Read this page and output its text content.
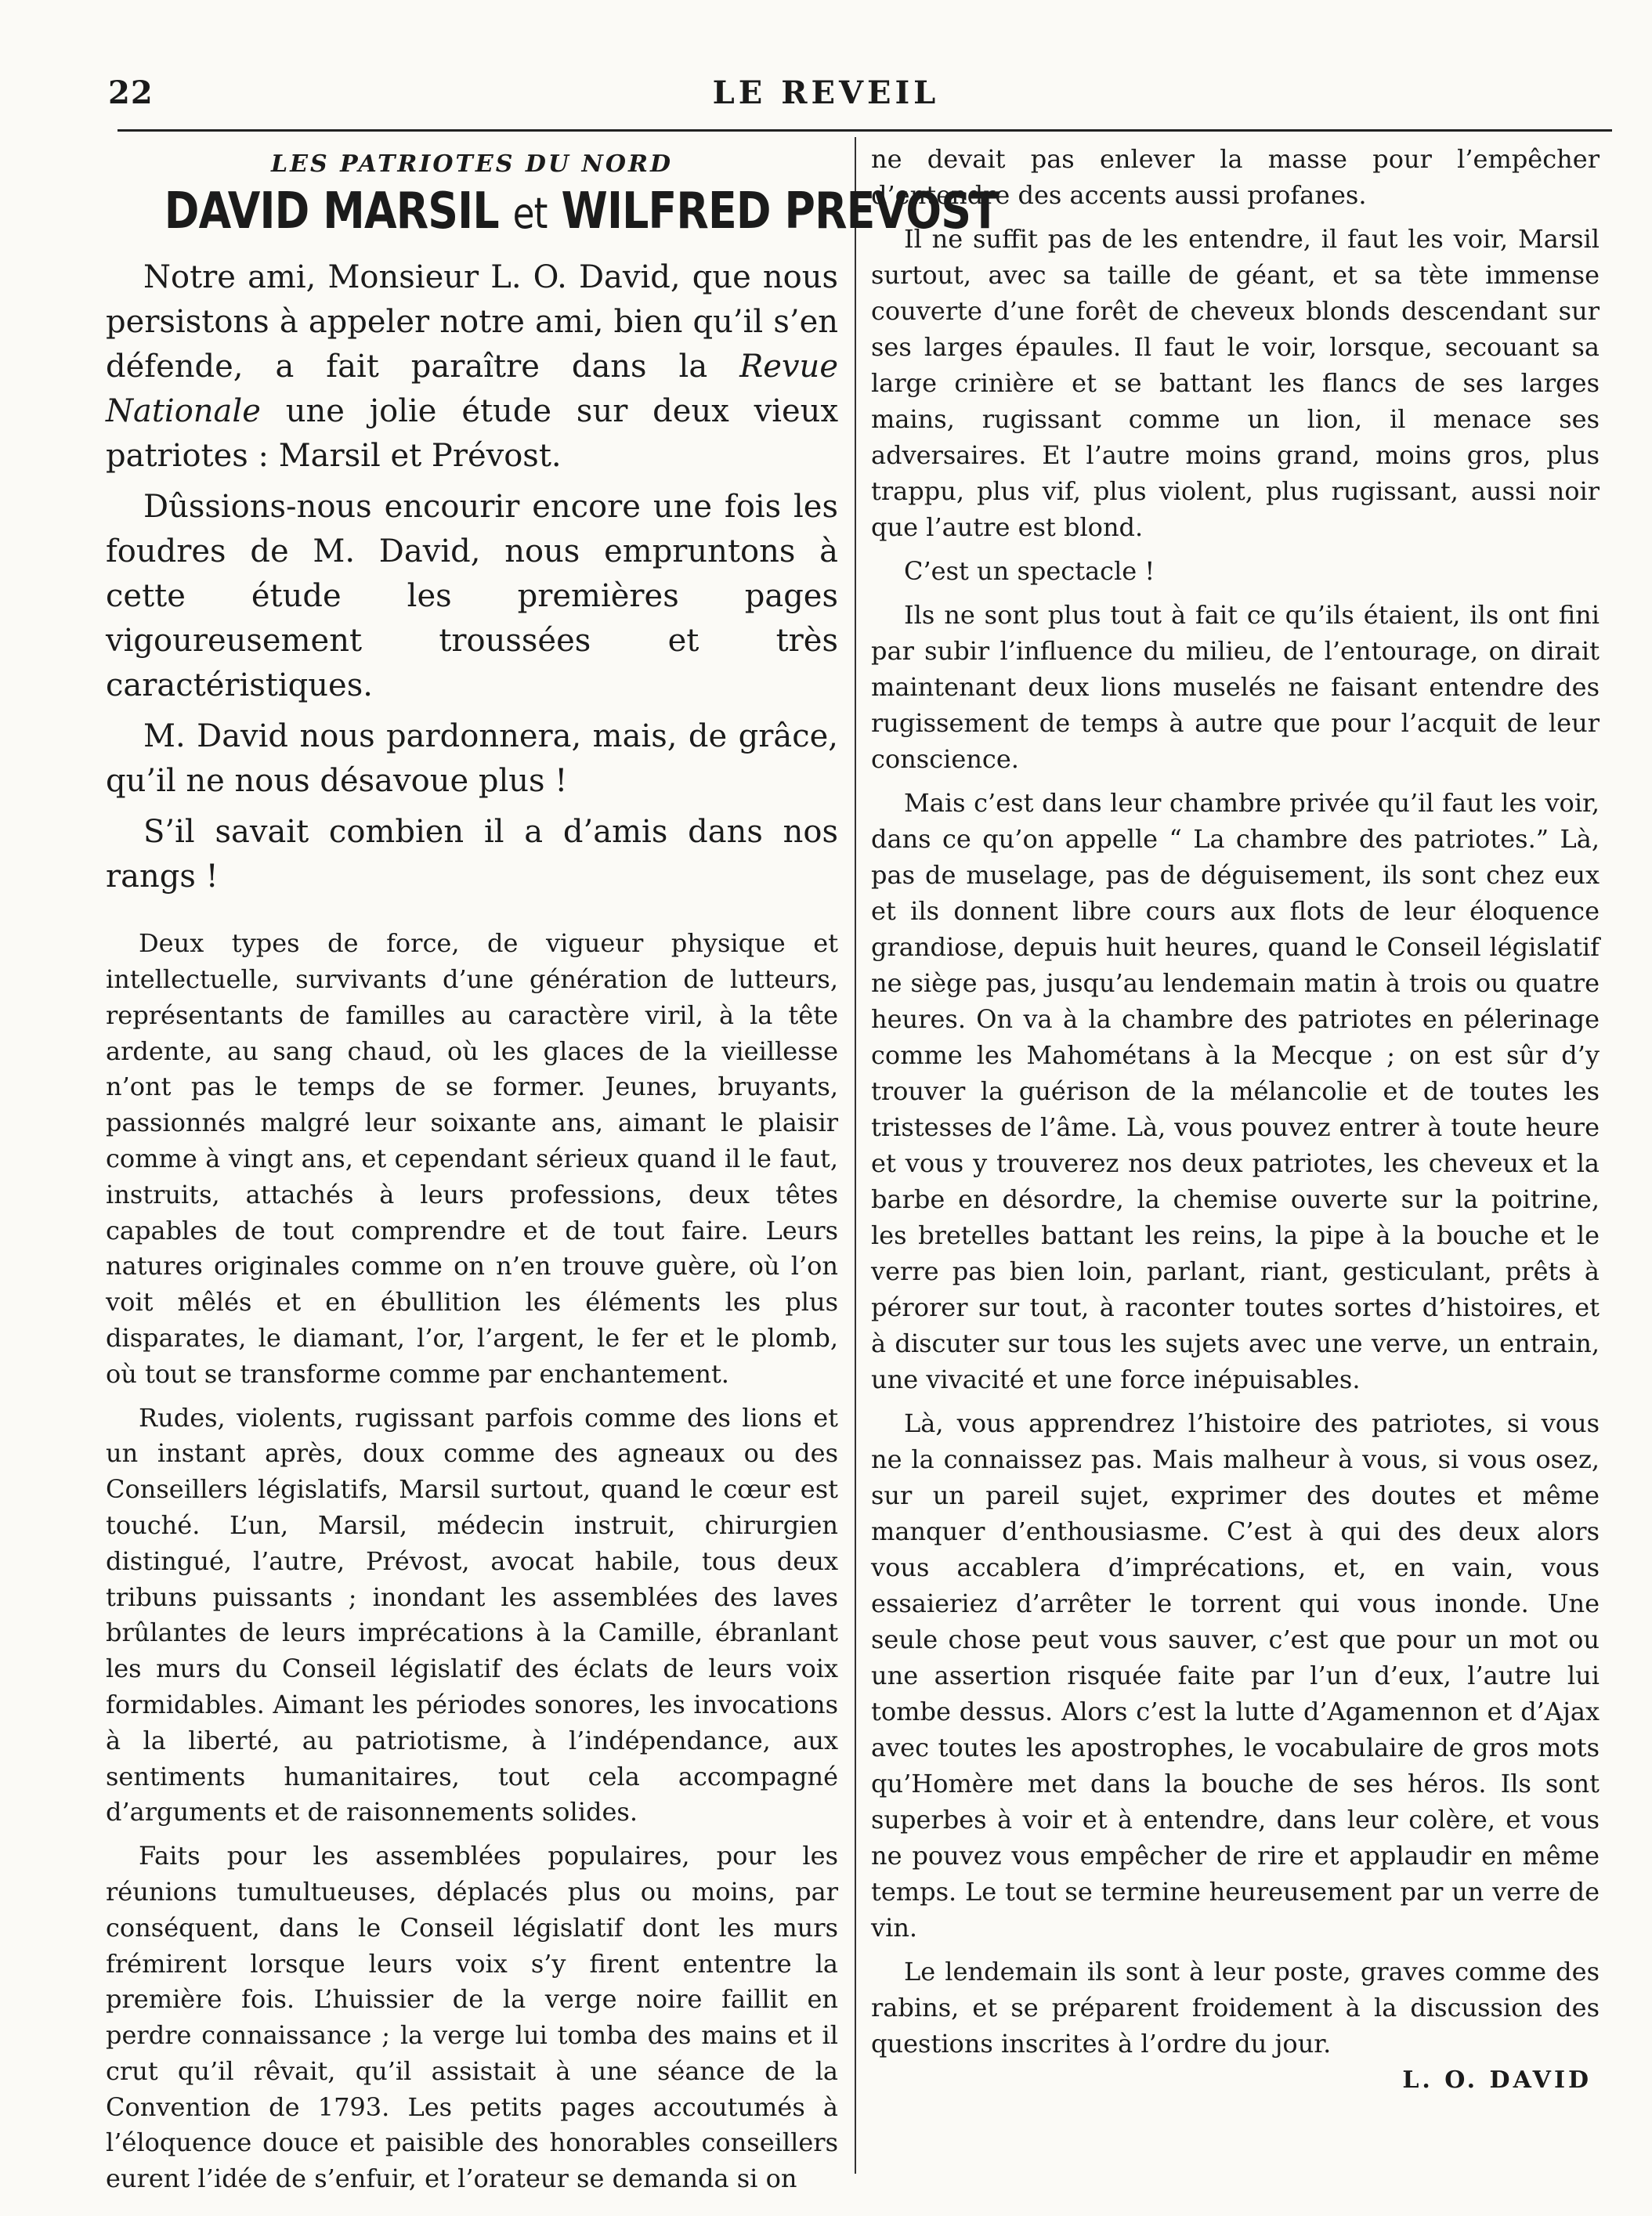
22	LE REVEIL
LES PATRIOTES DU NORD
DAVID MARSIL et WILFRED PREVOST

Notre ami, Monsieur L. O. David, que nous persistons à appeler notre ami, bien qu’il s’en défende, a fait paraître dans la Revue Nationale une jolie étude sur deux vieux patriotes : Marsil et Prévost.

Dûssions-nous encourir encore une fois les foudres de M. David, nous empruntons à cette étude les premières pages vigoureusement troussées et très caractéristiques.

M. David nous pardonnera, mais, de grâce, qu’il ne nous désavoue plus !

S’il savait combien il a d’amis dans nos rangs !

Deux types de force, de vigueur physique et intellectuelle, survivants d’une génération de lutteurs, représentants de familles au caractère viril, à la tête ardente, au sang chaud, où les glaces de la vieillesse n’ont pas le temps de se former. Jeunes, bruyants, passionnés malgré leur soixante ans, aimant le plaisir comme à vingt ans, et cependant sérieux quand il le faut, instruits, attachés à leurs professions, deux têtes capables de tout comprendre et de tout faire. Leurs natures originales comme on n’en trouve guère, où l’on voit mêlés et en ébullition les éléments les plus disparates, le diamant, l’or, l’argent, le fer et le plomb, où tout se transforme comme par enchantement.

Rudes, violents, rugissant parfois comme des lions et un instant après, doux comme des agneaux ou des Conseillers législatifs, Marsil surtout, quand le cœur est touché. L’un, Marsil, médecin instruit, chirurgien distingué, l’autre, Prévost, avocat habile, tous deux tribuns puissants ; inondant les assemblées des laves brûlantes de leurs imprécations à la Camille, ébranlant les murs du Conseil législatif des éclats de leurs voix formidables. Aimant les périodes sonores, les invocations à la liberté, au patriotisme, à l’indépendance, aux sentiments humanitaires, tout cela accompagné d’arguments et de raisonnements solides.

Faits pour les assemblées populaires, pour les réunions tumultueuses, déplacés plus ou moins, par conséquent, dans le Conseil législatif dont les murs frémirent lorsque leurs voix s’y firent ententre la première fois. L’huissier de la verge noire faillit en perdre connaissance ; la verge lui tomba des mains et il crut qu’il rêvait, qu’il assistait à une séance de la Convention de 1793. Les petits pages accoutumés à l’éloquence douce et paisible des honorables conseillers eurent l’idée de s’enfuir, et l’orateur se demanda si on

ne devait pas enlever la masse pour l’empêcher d’entendre des accents aussi profanes.

Il ne suffit pas de les entendre, il faut les voir, Marsil surtout, avec sa taille de géant, et sa tète immense couverte d’une forêt de cheveux blonds descendant sur ses larges épaules. Il faut le voir, lorsque, secouant sa large crinière et se battant les flancs de ses larges mains, rugissant comme un lion, il menace ses adversaires. Et l’autre moins grand, moins gros, plus trappu, plus vif, plus violent, plus rugissant, aussi noir que l’autre est blond.

C’est un spectacle !

Ils ne sont plus tout à fait ce qu’ils étaient, ils ont fini par subir l’influence du milieu, de l’entourage, on dirait maintenant deux lions muselés ne faisant entendre des rugissement de temps à autre que pour l’acquit de leur conscience.

Mais c’est dans leur chambre privée qu’il faut les voir, dans ce qu’on appelle “ La chambre des patriotes.” Là, pas de muselage, pas de déguisement, ils sont chez eux et ils donnent libre cours aux flots de leur éloquence grandiose, depuis huit heures, quand le Conseil législatif ne siège pas, jusqu’au lendemain matin à trois ou quatre heures. On va à la chambre des patriotes en pélerinage comme les Mahométans à la Mecque ; on est sûr d’y trouver la guérison de la mélancolie et de toutes les tristesses de l’âme. Là, vous pouvez entrer à toute heure et vous y trouverez nos deux patriotes, les cheveux et la barbe en désordre, la chemise ouverte sur la poitrine, les bretelles battant les reins, la pipe à la bouche et le verre pas bien loin, parlant, riant, gesticulant, prêts à pérorer sur tout, à raconter toutes sortes d’histoires, et à discuter sur tous les sujets avec une verve, un entrain, une vivacité et une force inépuisables.

Là, vous apprendrez l’histoire des patriotes, si vous ne la connaissez pas. Mais malheur à vous, si vous osez, sur un pareil sujet, exprimer des doutes et même manquer d’enthousiasme. C’est à qui des deux alors vous accablera d’imprécations, et, en vain, vous essaieriez d’arrêter le torrent qui vous inonde. Une seule chose peut vous sauver, c’est que pour un mot ou une assertion risquée faite par l’un d’eux, l’autre lui tombe dessus. Alors c’est la lutte d’Agamennon et d’Ajax avec toutes les apostrophes, le vocabulaire de gros mots qu’Homère met dans la bouche de ses héros. Ils sont superbes à voir et à entendre, dans leur colère, et vous ne pouvez vous empêcher de rire et applaudir en même temps. Le tout se termine heureusement par un verre de vin.

Le lendemain ils sont à leur poste, graves comme des rabins, et se préparent froidement à la discussion des questions inscrites à l’ordre du jour.

L. O. DAVID
